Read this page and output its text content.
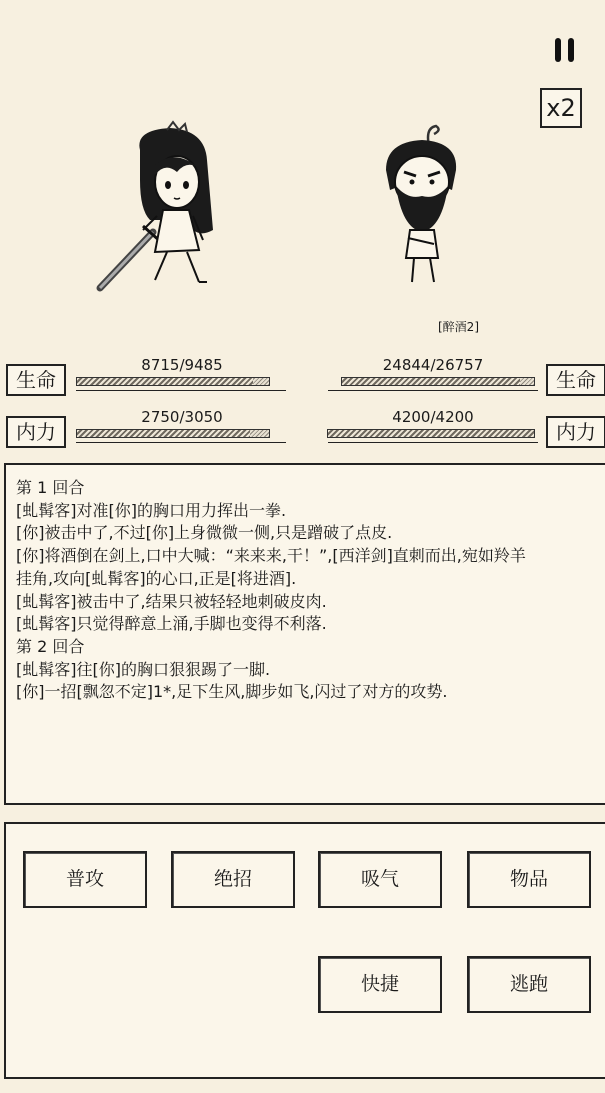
x2
[醉酒2]
生命
8715/9485
内力
2750/3050
生命
24844/26757
内力
4200/4200
第 1 回合
[虬髯客]对准[你]的胸口用力挥出一拳.
[你]被击中了,不过[你]上身微微一侧,只是蹭破了点皮.
[你]将酒倒在剑上,口中大喊：“来来来,干！”,[西洋剑]直刺而出,宛如羚羊
挂角,攻向[虬髯客]的心口,正是[将进酒].
[虬髯客]被击中了,结果只被轻轻地刺破皮肉.
[虬髯客]只觉得醉意上涌,手脚也变得不利落.
第 2 回合
[虬髯客]往[你]的胸口狠狠踢了一脚.
[你]一招[飘忽不定]1*,足下生风,脚步如飞,闪过了对方的攻势.
普攻	绝招	吸气	物品
快捷	逃跑
